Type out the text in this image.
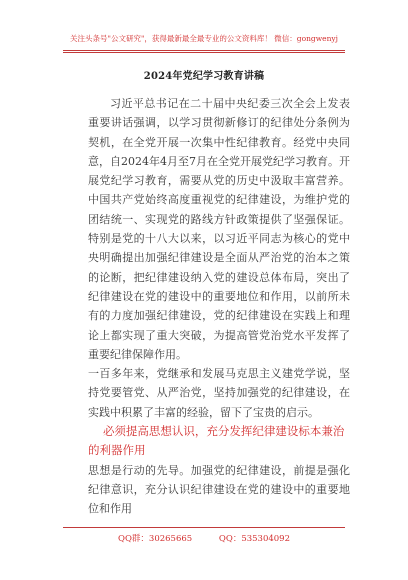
关注头条号"公文研究"，获得最新最全最专业的公文资料库！ 微信：gongwenyj
2024年党纪学习教育讲稿

习近平总书记在二十届中央纪委三次全会上发表重要讲话强调，以学习贯彻新修订的纪律处分条例为契机，在全党开展一次集中性纪律教育。经党中央同意，自2024年4月至7月在全党开展党纪学习教育。开展党纪学习教育，需要从党的历史中汲取丰富营养。中国共产党始终高度重视党的纪律建设，为维护党的团结统一、实现党的路线方针政策提供了坚强保证。特别是党的十八大以来，以习近平同志为核心的党中央明确提出加强纪律建设是全面从严治党的治本之策的论断，把纪律建设纳入党的建设总体布局，突出了纪律建设在党的建设中的重要地位和作用，以前所未有的力度加强纪律建设，党的纪律建设在实践上和理论上都实现了重大突破，为提高管党治党水平发挥了重要纪律保障作用。

一百多年来，党继承和发展马克思主义建党学说，坚持党要管党、从严治党，坚持加强党的纪律建设，在实践中积累了丰富的经验，留下了宝贵的启示。

必须提高思想认识，充分发挥纪律建设标本兼治的利器作用

思想是行动的先导。加强党的纪律建设，前提是强化纪律意识，充分认识纪律建设在党的建设中的重要地位和作用

QQ群：30265665	QQ：535304092
